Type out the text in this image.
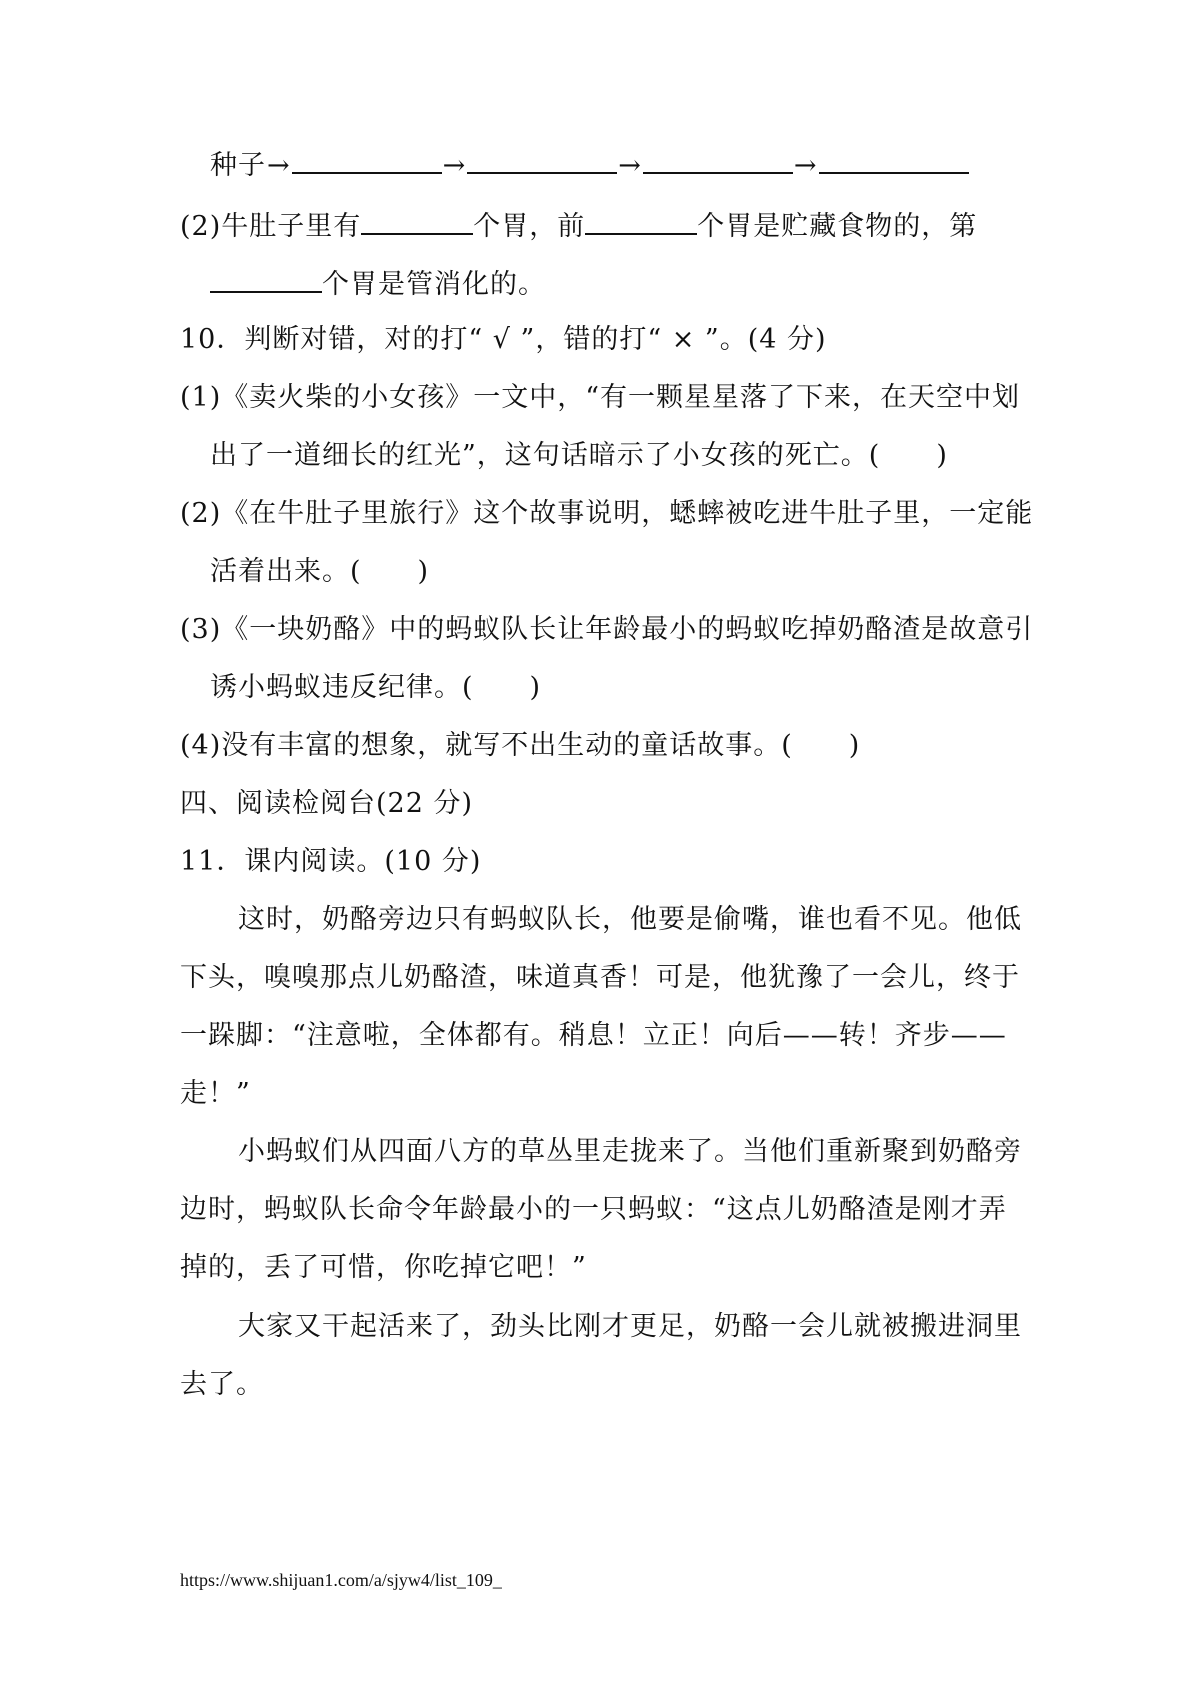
种子→	→	→	→
(2)牛肚子里有	个胃，前	个胃是贮藏食物的，第
个胃是管消化的。
10．判断对错，对的打“ √ ”，错的打“ × ”。(4 分)
(1)《卖火柴的小女孩》一文中，“有一颗星星落了下来，在天空中划
出了一道细长的红光”，这句话暗示了小女孩的死亡。(　　)
(2)《在牛肚子里旅行》这个故事说明，蟋蟀被吃进牛肚子里，一定能
活着出来。(　　)
(3)《一块奶酪》中的蚂蚁队长让年龄最小的蚂蚁吃掉奶酪渣是故意引
诱小蚂蚁违反纪律。(　　)
(4)没有丰富的想象，就写不出生动的童话故事。(　　)
四、阅读检阅台(22 分)
11．课内阅读。(10 分)
这时，奶酪旁边只有蚂蚁队长，他要是偷嘴，谁也看不见。他低
下头，嗅嗅那点儿奶酪渣，味道真香！可是，他犹豫了一会儿，终于
一跺脚：“注意啦，全体都有。稍息！立正！向后——转！齐步——
走！”
小蚂蚁们从四面八方的草丛里走拢来了。当他们重新聚到奶酪旁
边时，蚂蚁队长命令年龄最小的一只蚂蚁：“这点儿奶酪渣是刚才弄
掉的，丢了可惜，你吃掉它吧！”
大家又干起活来了，劲头比刚才更足，奶酪一会儿就被搬进洞里
去了。
https://www.shijuan1.com/a/sjyw4/list_109_
